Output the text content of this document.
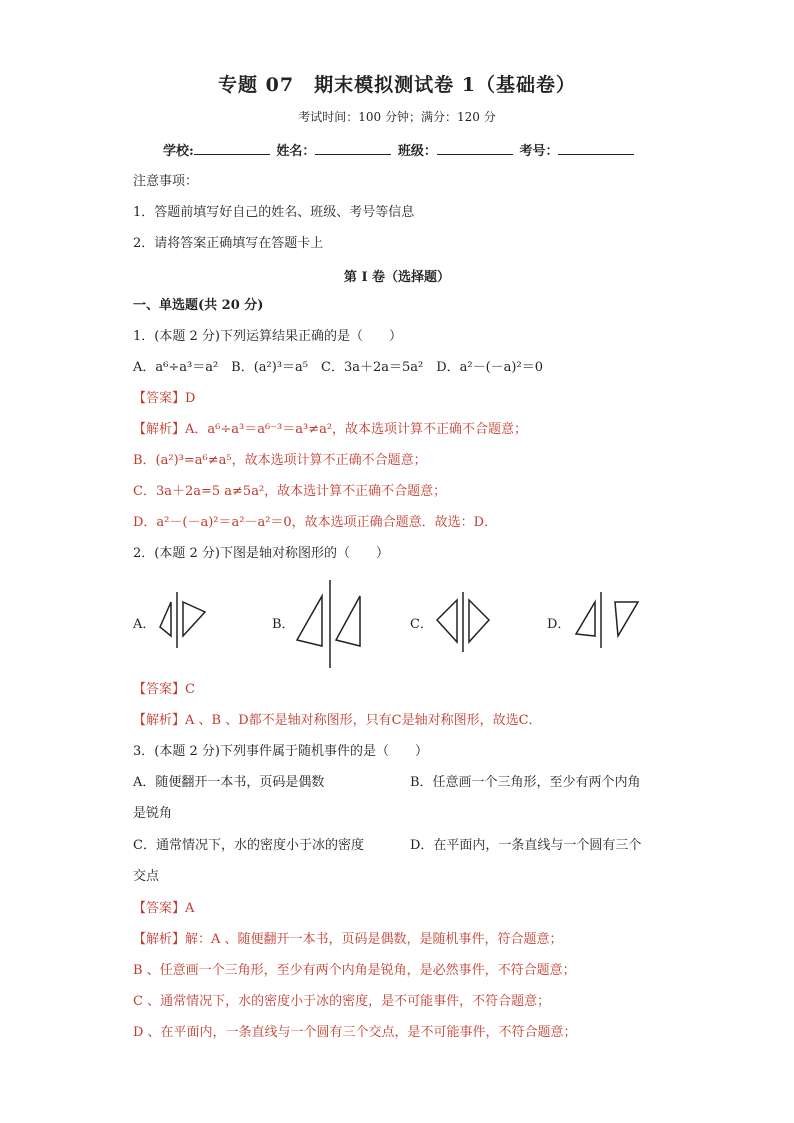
专题 07　期末模拟测试卷 1（基础卷）
考试时间：100 分钟；满分：120 分
学校:	姓名：	班级：	考号：
注意事项：
1．答题前填写好自己的姓名、班级、考号等信息
2．请将答案正确填写在答题卡上
第 I 卷（选择题）
一、单选题(共 20 分)
1．(本题 2 分)下列运算结果正确的是（　　）
A．a⁶÷a³＝a²　B．(a²)³＝a⁵　C．3a＋2a＝5a²　D．a²－(－a)²＝0
【答案】D
【解析】A．a⁶÷a³＝a⁶⁻³＝a³≠a²，故本选项计算不正确不合题意；
B．(a²)³=a⁶≠a⁵，故本选项计算不正确不合题意；
C．3a＋2a=5 a≠5a²，故本选计算不正确不合题意；
D．a²－(－a)²＝a²－a²＝0，故本选项正确合题意．故选：D．
2．(本题 2 分)下图是轴对称图形的（　　）
A．	B．	C．	D．
【答案】C
【解析】A 、B 、D都不是轴对称图形，只有C是轴对称图形，故选C．
3．(本题 2 分)下列事件属于随机事件的是（　　）
A．随便翻开一本书，页码是偶数	B．任意画一个三角形，至少有两个内角
是锐角
C．通常情况下，水的密度小于冰的密度	D．在平面内，一条直线与一个圆有三个
交点
【答案】A
【解析】解：A 、随便翻开一本书，页码是偶数，是随机事件，符合题意；
B 、任意画一个三角形，至少有两个内角是锐角，是必然事件，不符合题意；
C 、通常情况下，水的密度小于冰的密度，是不可能事件，不符合题意；
D 、在平面内，一条直线与一个圆有三个交点，是不可能事件，不符合题意；
